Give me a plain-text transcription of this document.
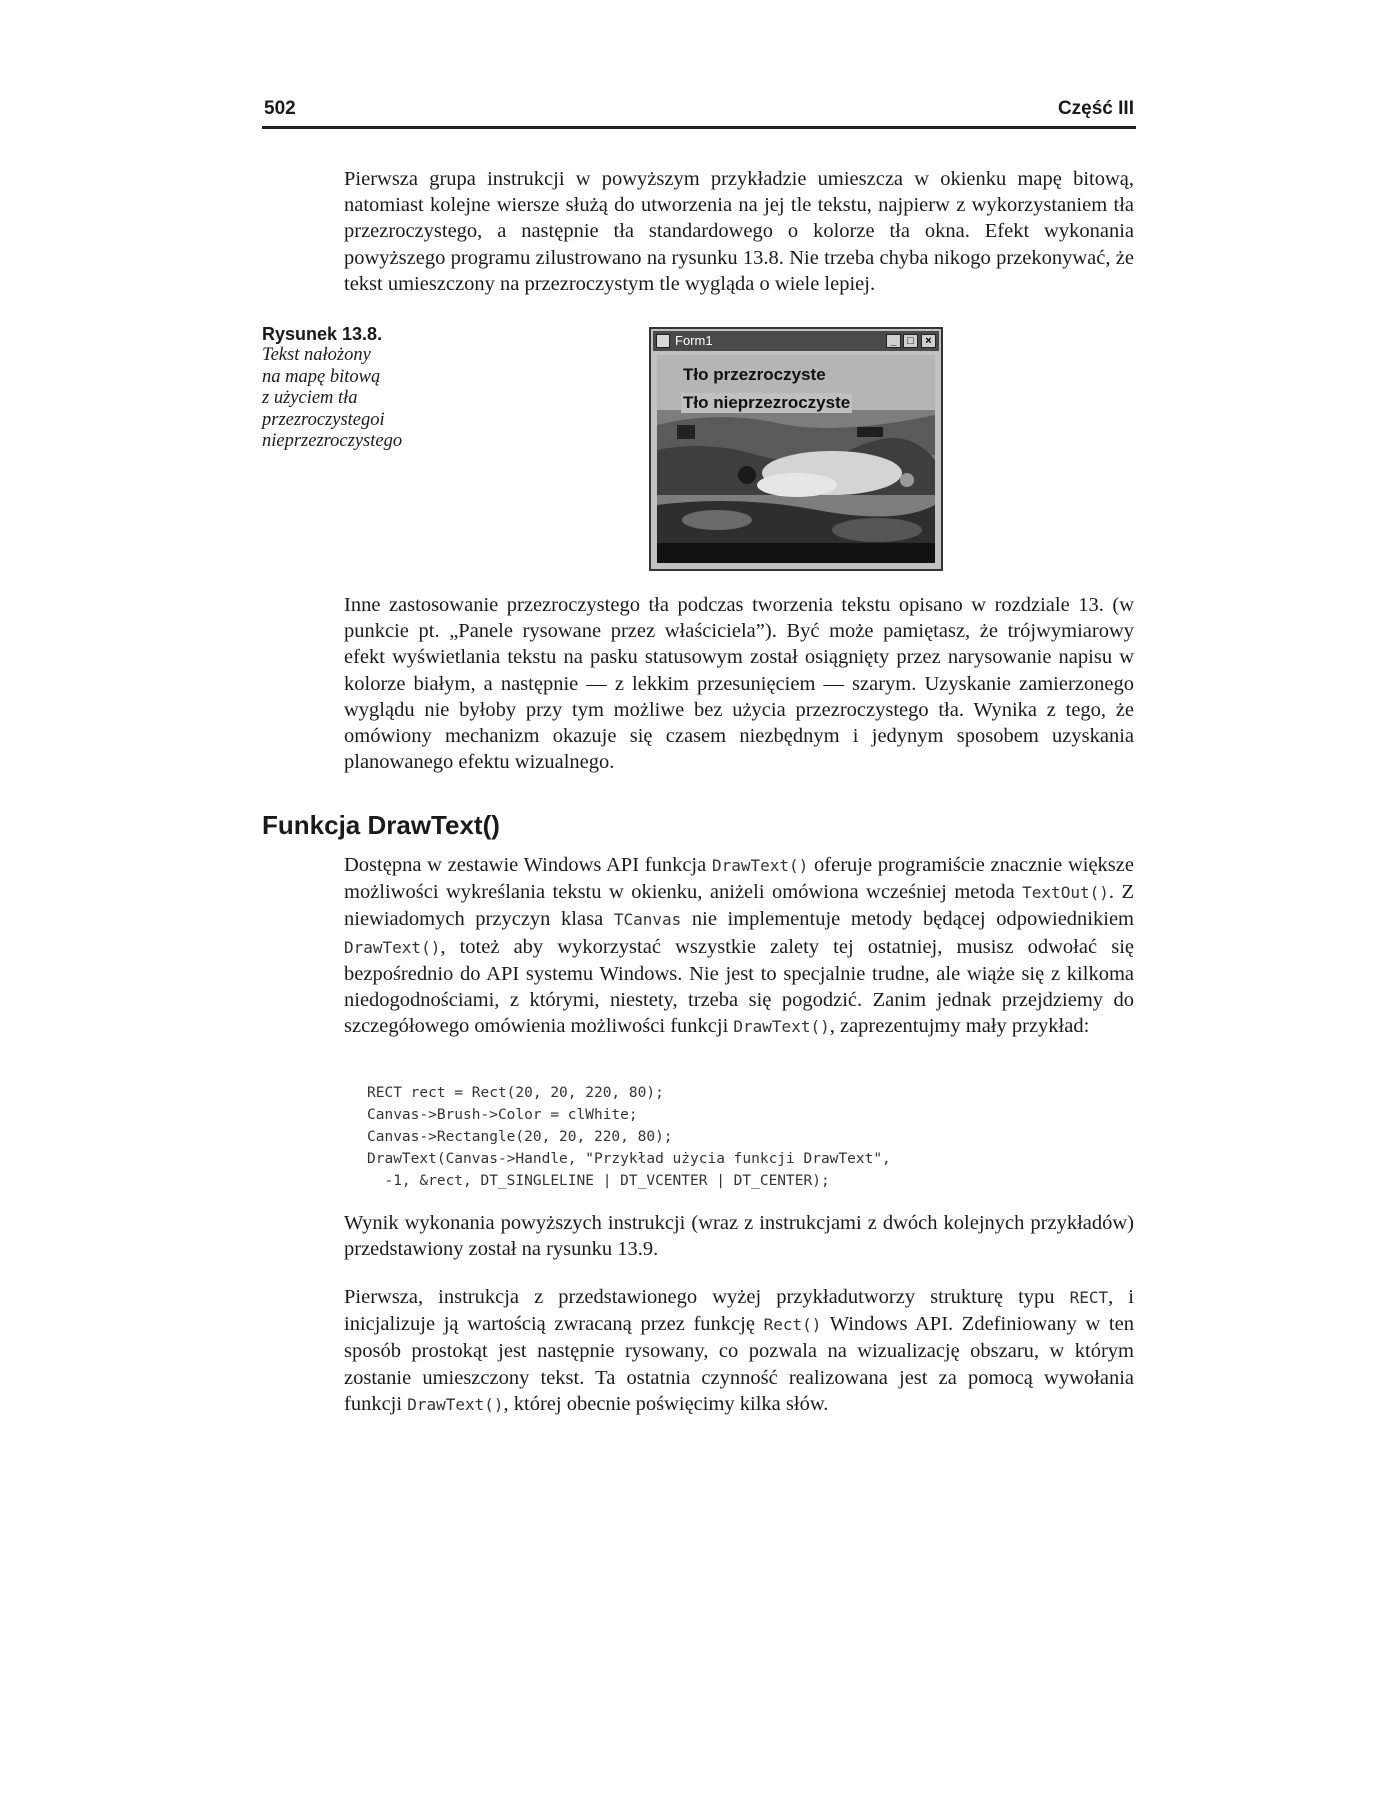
502	Część III

Pierwsza grupa instrukcji w powyższym przykładzie umieszcza w okienku mapę bitową, natomiast kolejne wiersze służą do utworzenia na jej tle tekstu, najpierw z wykorzystaniem tła przezroczystego, a następnie tła standardowego o kolorze tła okna. Efekt wykonania powyższego programu zilustrowano na rysunku 13.8. Nie trzeba chyba nikogo przekonywać, że tekst umieszczony na przezroczystym tle wygląda o wiele lepiej.

Rysunek 13.8.
Tekst nałożony
na mapę bitową
z użyciem tła
przezroczystegoi
nieprzezroczystego
Form1	_ □	×
Tło przezroczyste
Tło nieprzezroczyste

Inne zastosowanie przezroczystego tła podczas tworzenia tekstu opisano w rozdziale 13. (w punkcie pt. „Panele rysowane przez właściciela”). Być może pamiętasz, że trójwymiarowy efekt wyświetlania tekstu na pasku statusowym został osiągnięty przez narysowanie napisu w kolorze białym, a następnie — z lekkim przesunięciem — szarym. Uzyskanie zamierzonego wyglądu nie byłoby przy tym możliwe bez użycia przezroczystego tła. Wynika z tego, że omówiony mechanizm okazuje się czasem niezbędnym i jedynym sposobem uzyskania planowanego efektu wizualnego.

Funkcja DrawText()

Dostępna w zestawie Windows API funkcja DrawText() oferuje programiście znacznie większe możliwości wykreślania tekstu w okienku, aniżeli omówiona wcześniej metoda TextOut(). Z niewiadomych przyczyn klasa TCanvas nie implementuje metody będącej odpowiednikiem DrawText(), toteż aby wykorzystać wszystkie zalety tej ostatniej, musisz odwołać się bezpośrednio do API systemu Windows. Nie jest to specjalnie trudne, ale wiąże się z kilkoma niedogodnościami, z którymi, niestety, trzeba się pogodzić. Zanim jednak przejdziemy do szczegółowego omówienia możliwości funkcji DrawText(), zaprezentujmy mały przykład:

RECT rect = Rect(20, 20, 220, 80);
Canvas->Brush->Color = clWhite;
Canvas->Rectangle(20, 20, 220, 80);
DrawText(Canvas->Handle, "Przykład użycia funkcji DrawText",
-1, &rect, DT_SINGLELINE | DT_VCENTER | DT_CENTER);

Wynik wykonania powyższych instrukcji (wraz z instrukcjami z dwóch kolejnych przykładów) przedstawiony został na rysunku 13.9.

Pierwsza, instrukcja z przedstawionego wyżej przykładutworzy strukturę typu RECT, i inicjalizuje ją wartością zwracaną przez funkcję Rect() Windows API. Zdefiniowany w ten sposób prostokąt jest następnie rysowany, co pozwala na wizualizację obszaru, w którym zostanie umieszczony tekst. Ta ostatnia czynność realizowana jest za pomocą wywołania funkcji DrawText(), której obecnie poświęcimy kilka słów.
